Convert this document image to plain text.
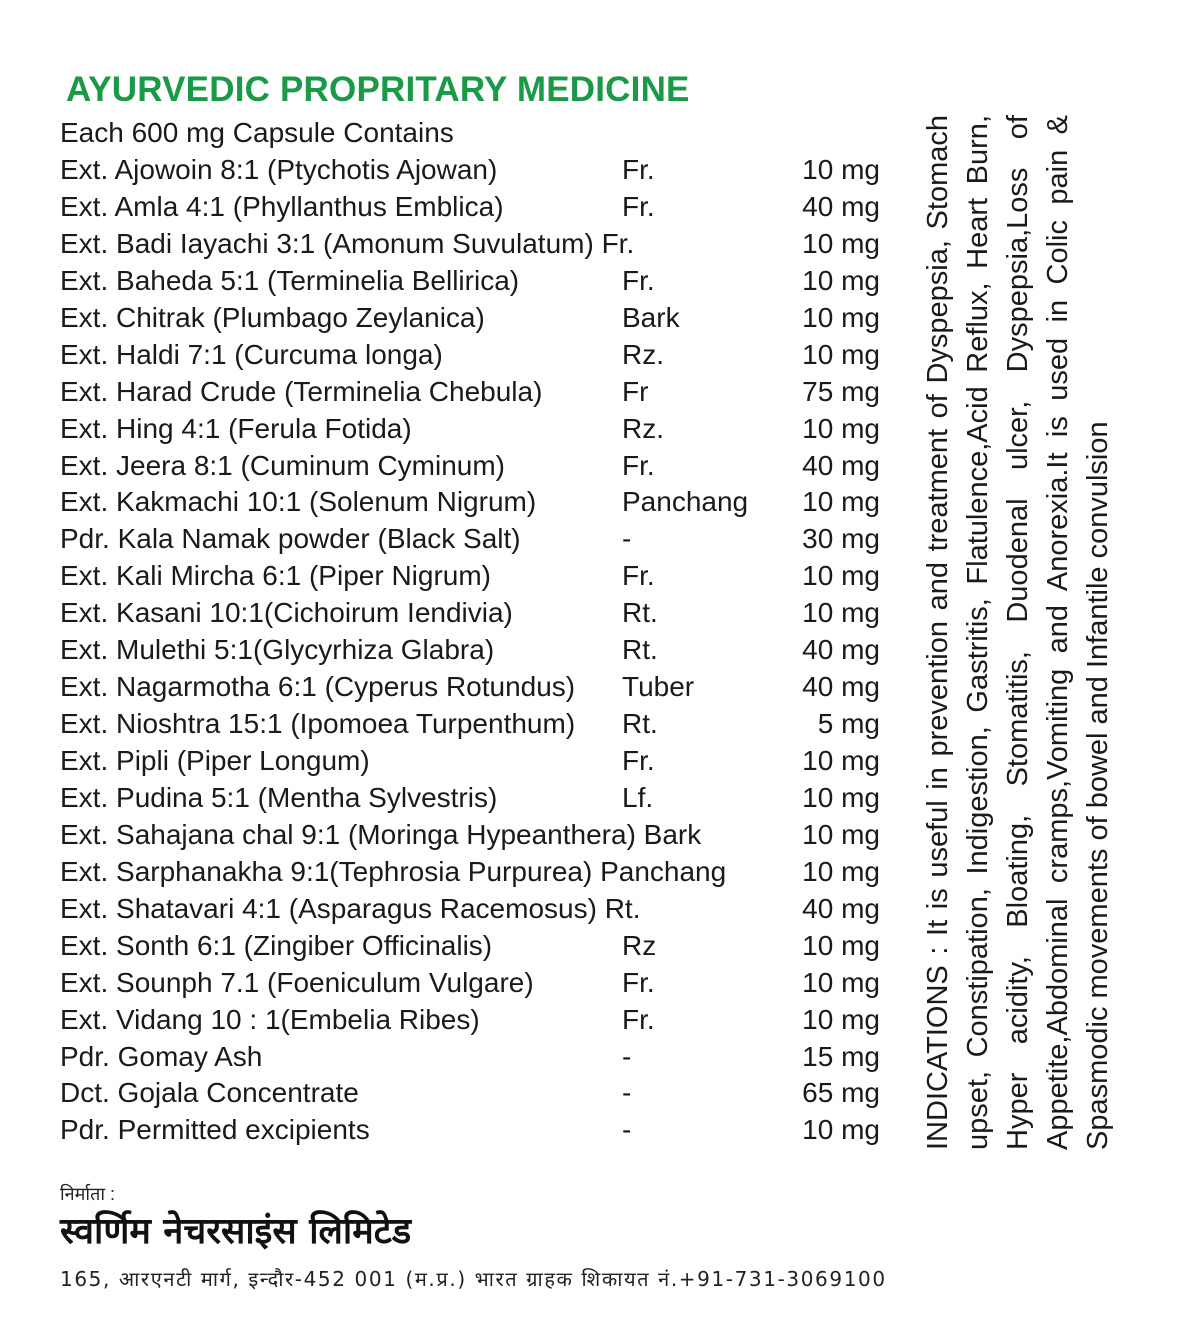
AYURVEDIC PROPRITARY MEDICINE
Each 600 mg Capsule Contains
Ext. Ajowoin 8:1 (Ptychotis Ajowan)	Fr.	10 mg
Ext. Amla 4:1 (Phyllanthus Emblica)	Fr.	40 mg
Ext. Badi Iayachi 3:1 (Amonum Suvulatum) Fr.	10 mg
Ext. Baheda 5:1 (Terminelia Bellirica)	Fr.	10 mg
Ext. Chitrak (Plumbago Zeylanica)	Bark	10 mg
Ext. Haldi 7:1 (Curcuma longa)	Rz.	10 mg
Ext. Harad Crude (Terminelia Chebula)	Fr	75 mg
Ext. Hing 4:1 (Ferula Fotida)	Rz.	10 mg
Ext. Jeera 8:1 (Cuminum Cyminum)	Fr.	40 mg
Ext. Kakmachi 10:1 (Solenum Nigrum)	Panchang 10 mg
Pdr. Kala Namak powder (Black Salt)	-	30 mg
Ext. Kali Mircha 6:1 (Piper Nigrum)	Fr.	10 mg
Ext. Kasani 10:1(Cichoirum Iendivia)	Rt.	10 mg
Ext. Mulethi 5:1(Glycyrhiza Glabra)	Rt.	40 mg
Ext. Nagarmotha 6:1 (Cyperus Rotundus) Tuber	40 mg
Ext. Nioshtra 15:1 (Ipomoea Turpenthum) Rt.	5 mg
Ext. Pipli (Piper Longum)	Fr.	10 mg
Ext. Pudina 5:1 (Mentha Sylvestris)	Lf.	10 mg
Ext. Sahajana chal 9:1 (Moringa Hypeanthera) Bark	10 mg
Ext. Sarphanakha 9:1(Tephrosia Purpurea) Panchang	10 mg
Ext. Shatavari 4:1 (Asparagus Racemosus) Rt.	40 mg
Ext. Sonth 6:1 (Zingiber Officinalis)	Rz	10 mg
Ext. Sounph 7.1 (Foeniculum Vulgare)	Fr.	10 mg
Ext. Vidang 10 : 1(Embelia Ribes)	Fr.	10 mg
Pdr. Gomay Ash	-	15 mg
Dct. Gojala Concentrate	-	65 mg
Pdr. Permitted excipients	-	10 mg INDICATIONS : It is useful in prevention and treatment of Dyspepsia, Stomach upset, Constipation, Indigestion, Gastritis, Flatulence,Acid Reflux, Heart Burn, Hyper acidity, Bloating, Stomatitis, Duodenal ulcer, Dyspepsia,Loss of Appetite,Abdominal cramps,Vomiting and Anorexia.It is used in Colic pain & Spasmodic movements of bowel and Infantile convulsion
निर्माता :
स्वर्णिम नेचरसाइंस लिमिटेड
165, आरएनटी मार्ग, इन्दौर-452 001 (म.प्र.) भारत ग्राहक शिकायत नं.+91-731-3069100
